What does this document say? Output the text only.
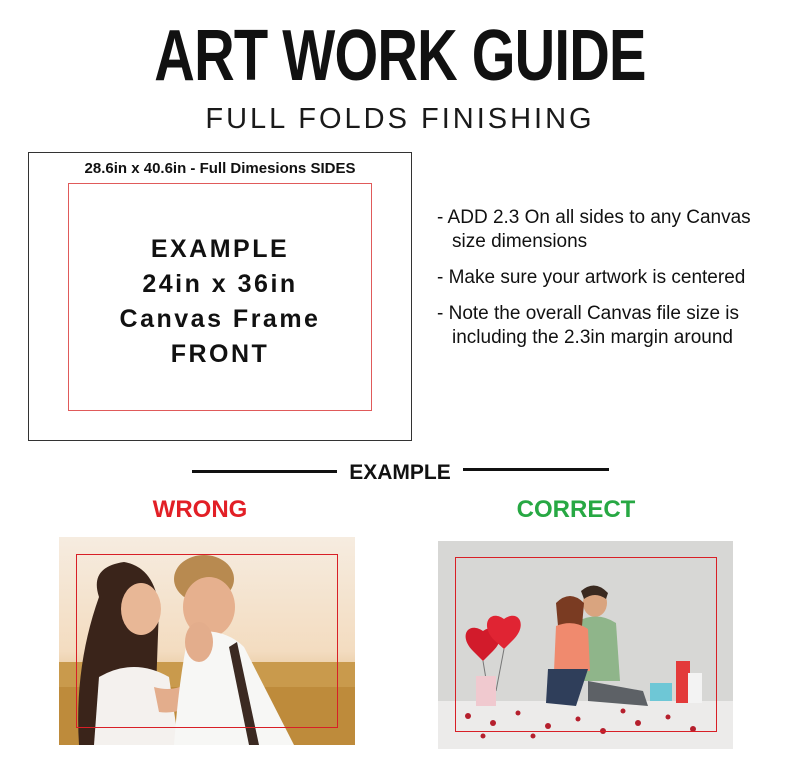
ART WORK GUIDE
FULL FOLDS FINISHING
28.6in x 40.6in - Full Dimesions SIDES
EXAMPLE
24in x 36in
Canvas Frame
FRONT
- ADD 2.3 On all sides to any Canvas
size dimensions
- Make sure your artwork is centered
- Note the overall Canvas file size is
including the 2.3in margin around
EXAMPLE
WRONG	CORRECT
